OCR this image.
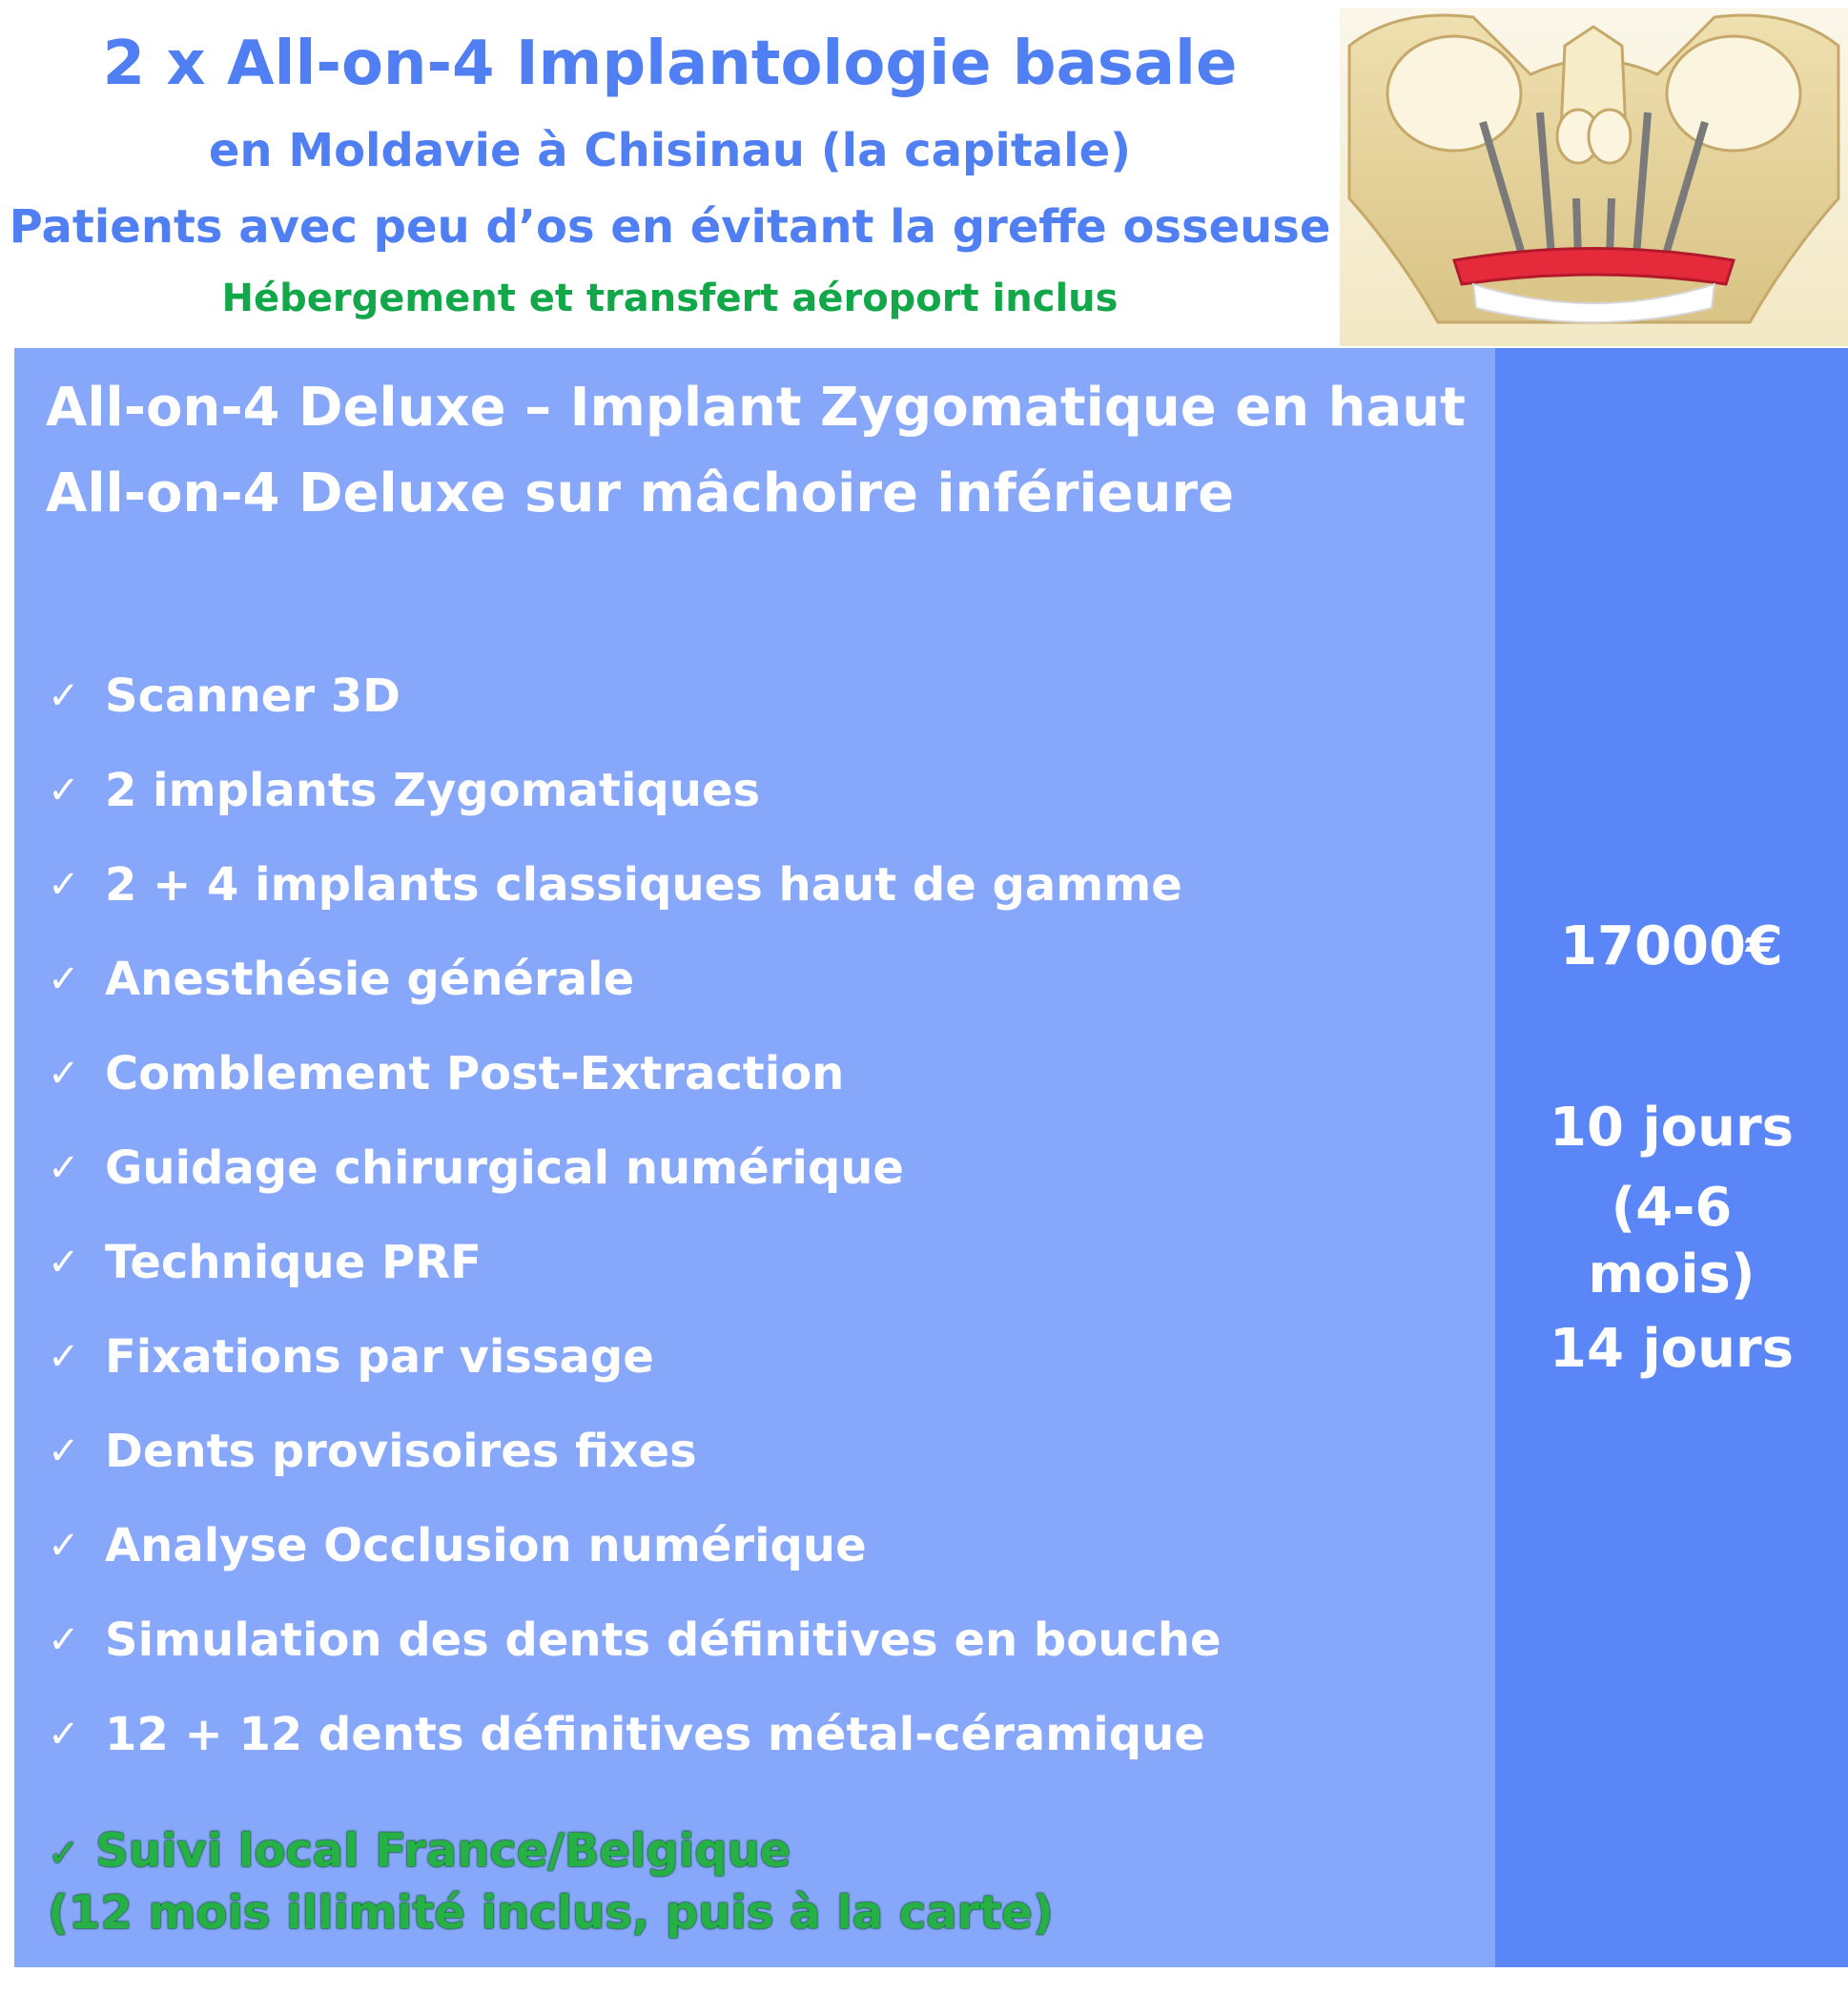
2 x All-on-4 Implantologie basale
en Moldavie à Chisinau (la capitale)
Patients avec peu d’os en évitant la greffe osseuse
Hébergement et transfert aéroport inclus
All-on-4 Deluxe – Implant Zygomatique en haut
All-on-4 Deluxe sur mâchoire inférieure
✓ Scanner 3D
✓ 2 implants Zygomatiques
✓ 2 + 4 implants classiques haut de gamme
✓ Anesthésie générale
✓ Comblement Post-Extraction
✓ Guidage chirurgical numérique
✓ Technique PRF
✓ Fixations par vissage
✓ Dents provisoires fixes
✓ Analyse Occlusion numérique
✓ Simulation des dents définitives en bouche
✓ 12 + 12 dents définitives métal-céramique
✓ Suivi local France/Belgique
(12 mois illimité inclus, puis à la carte)
17000€
10 jours
(4-6
mois)
14 jours
